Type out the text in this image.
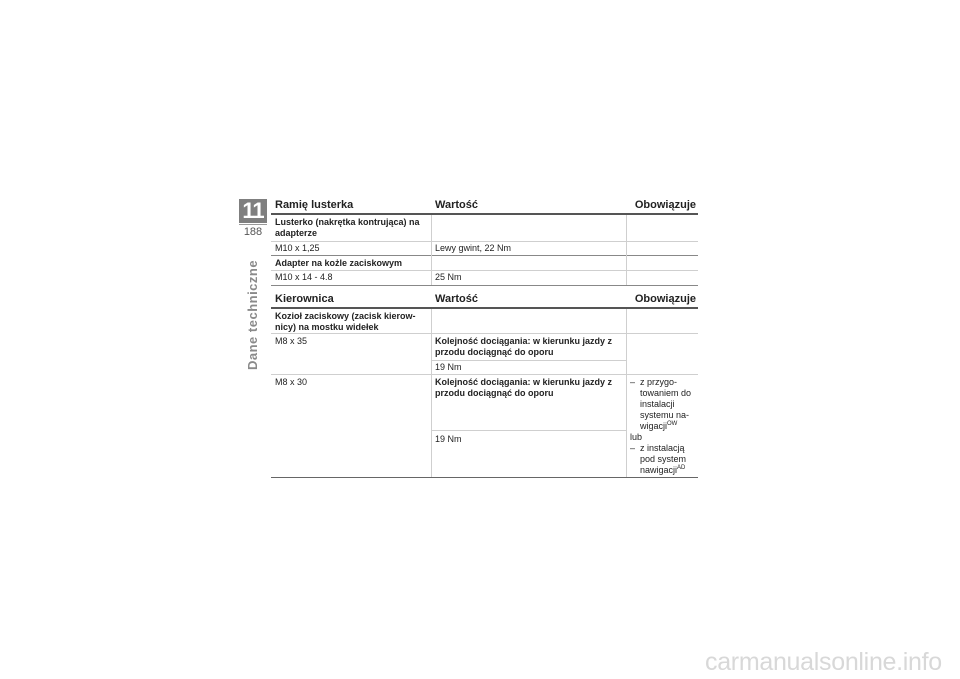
11
188
Dane techniczne
Ramię lusterka	Wartość	Obowiązuje
Lusterko (nakrętka kontrująca) na adapterze
M10 x 1,25	Lewy gwint, 22 Nm
Adapter na kożle zaciskowym
M10 x 14 - 4.8	25 Nm
Kierownica	Wartość	Obowiązuje
Kozioł zaciskowy (zacisk kierow-nicy) na mostku widełek
M8 x 35	Kolejność dociągania: w kierunku jazdy z przodu dociągnąć do oporu
19 Nm
M8 x 30	Kolejność dociągania: w kierunku jazdy z przodu dociągnąć do oporu
19 Nm
– z przygo-towaniem do instalacji systemu na-wigacji$^{OW}$
lub
– z instalacją pod system nawigacji$^{AD}$
carmanualsonline.info
